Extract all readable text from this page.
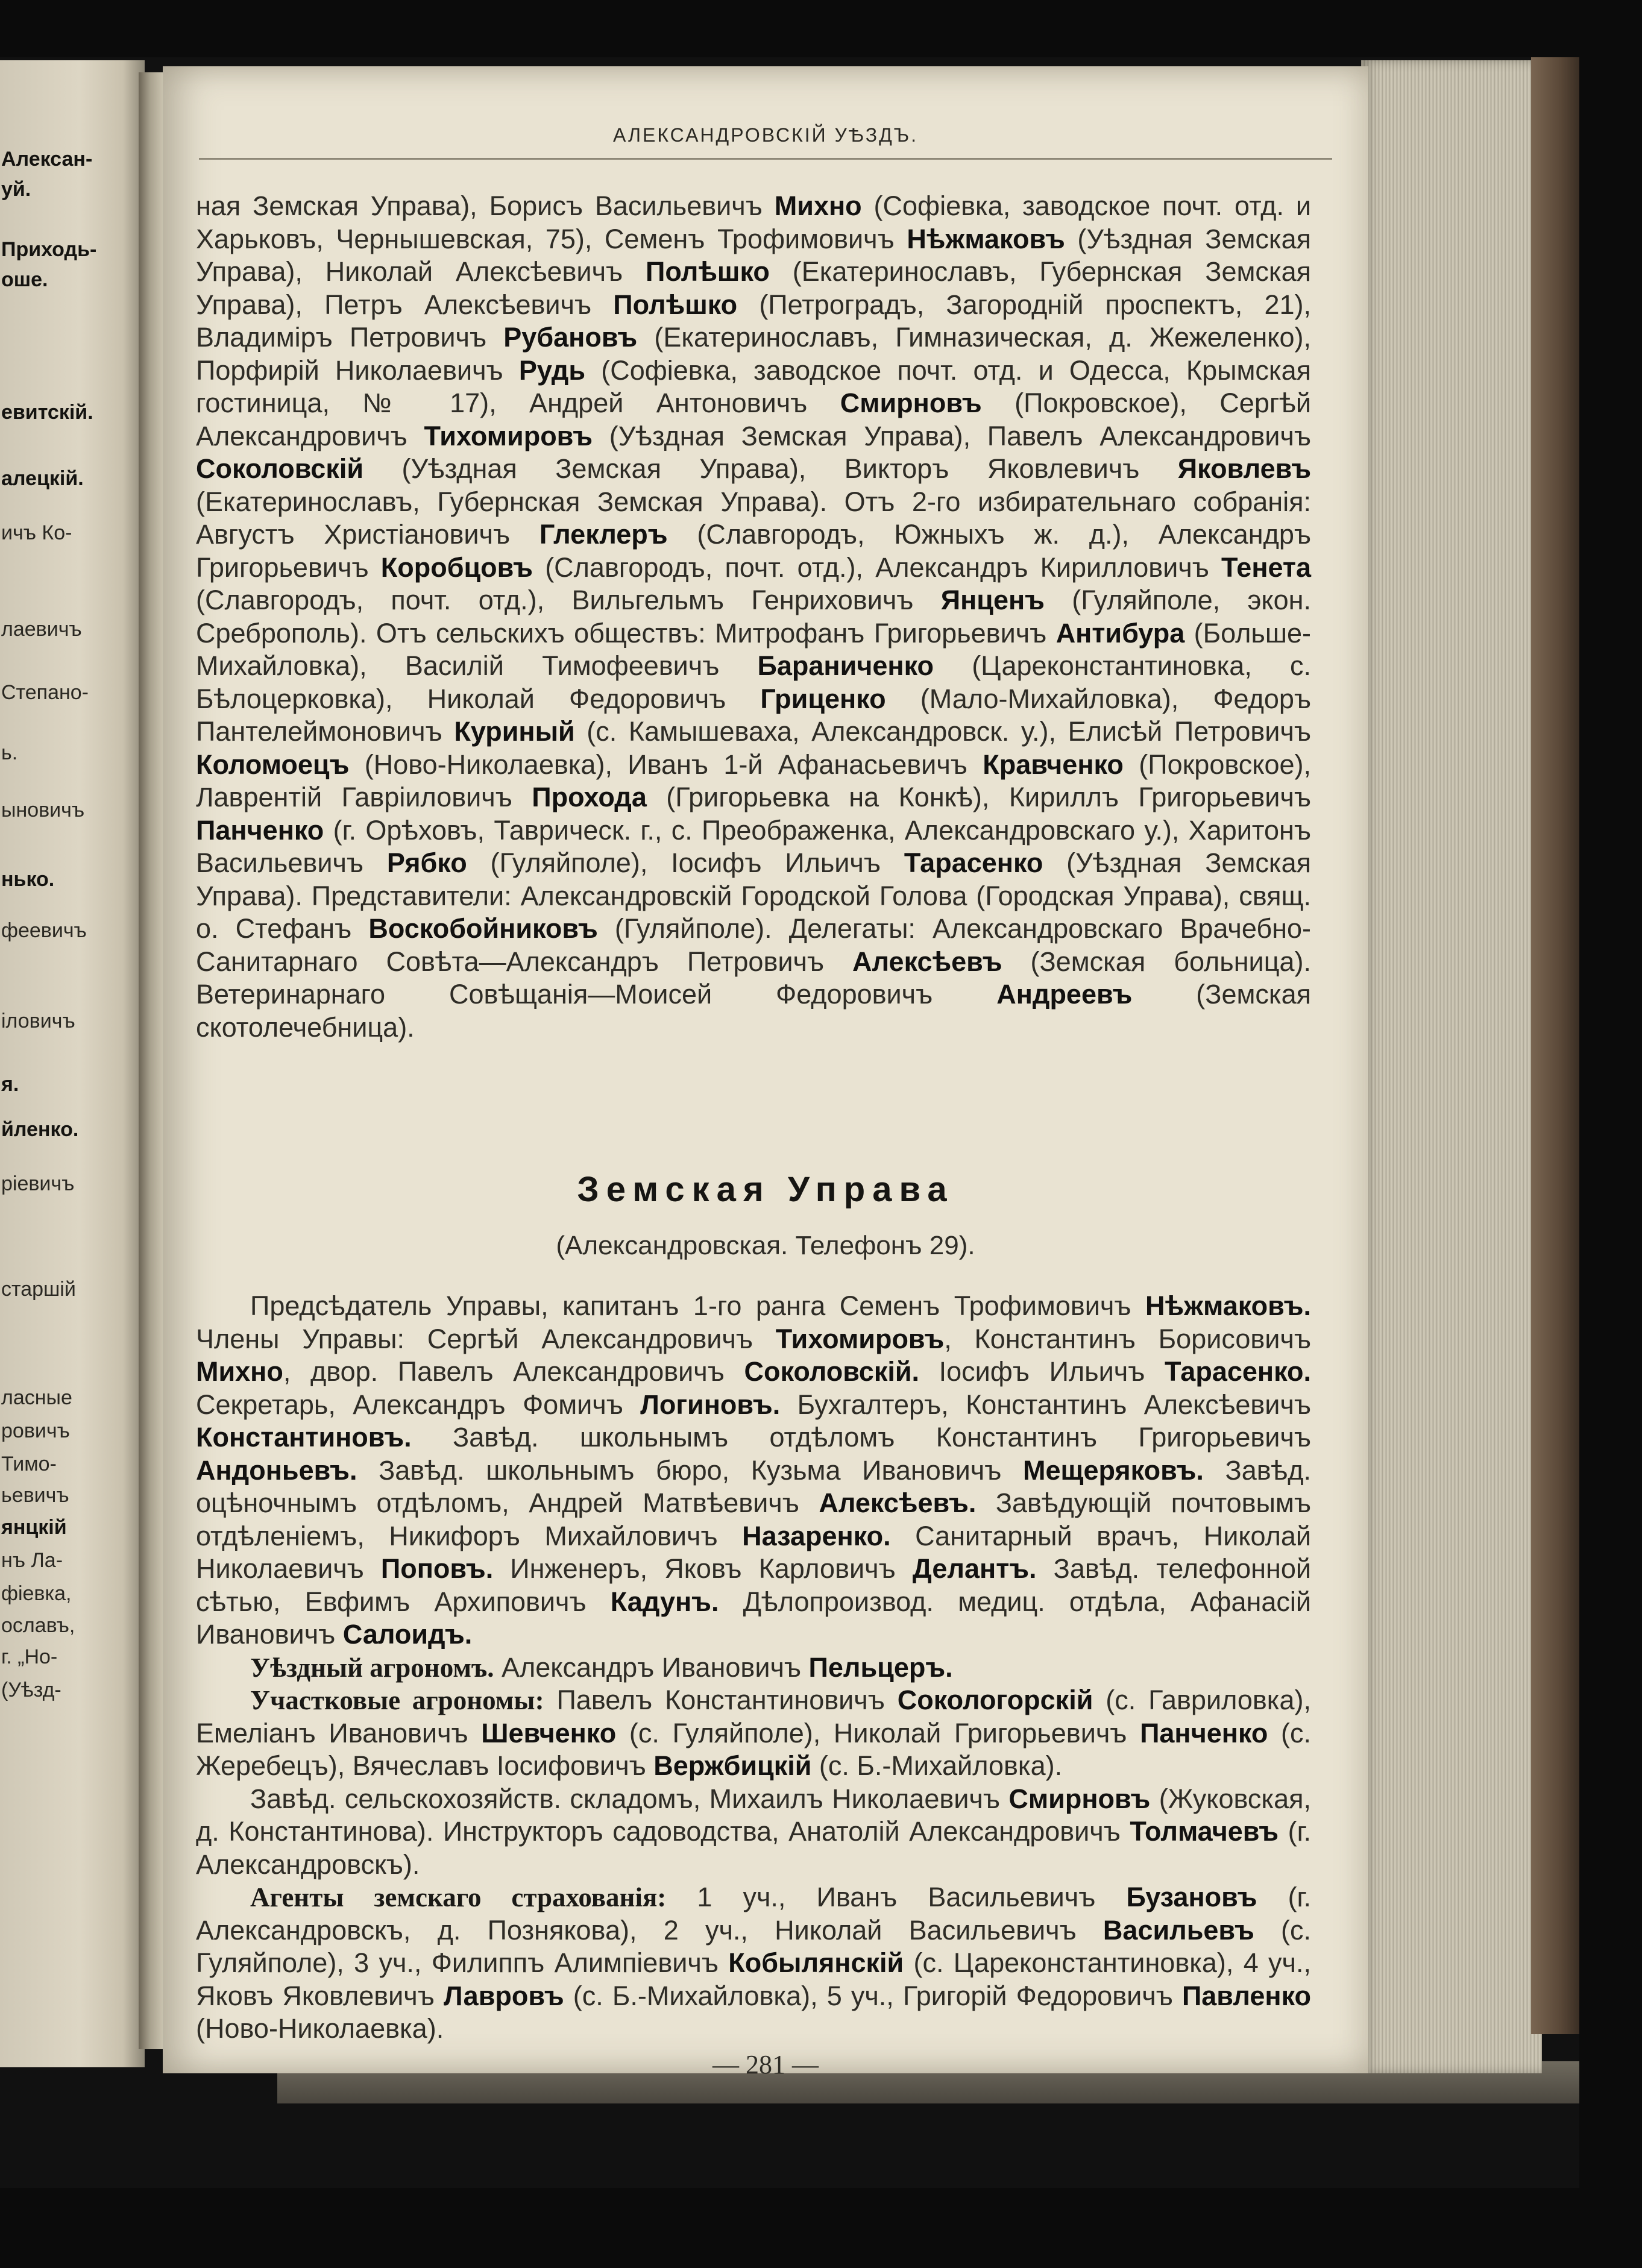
Алексан-
уй.
Приходь-
оше.
евитскій.
алецкій.
ичъ Ко-
лаевичъ
Степано-
ь.
ыновичъ
нько.
феевичъ
іловичъ
я.
йленко.
ріевичъ
старшій
ласные
ровичъ
Тимо-
ьевичъ
янцкій
нъ Ла-
фіевка,
ославъ,
г. „Но-
(Уѣзд-
АЛЕКСАНДРОВСКІЙ УѢЗДЪ.

ная Земская Управа), Борисъ Васильевичъ Михно (Софіевка, заводское почт. отд. и Харьковъ, Чернышевская, 75), Семенъ Трофимовичъ Нѣжмаковъ (Уѣздная Земская Управа), Николай Алексѣевичъ Полѣшко (Екатеринославъ, Губернская Земская Управа), Петръ Алексѣевичъ Полѣшко (Петроградъ, Загородній проспектъ, 21), Владиміръ Петровичъ Рубановъ (Екатеринославъ, Гимназическая, д. Жежеленко), Порфирій Николаевичъ Рудь (Софіевка, заводское почт. отд. и Одесса, Крымская гостиница, № 17), Андрей Антоновичъ Смирновъ (Покровское), Сергѣй Александровичъ Тихомировъ (Уѣздная Земская Управа), Павелъ Александровичъ Соколовскій (Уѣздная Земская Управа), Викторъ Яковлевичъ Яковлевъ (Екатеринославъ, Губернская Земская Управа). Отъ 2-го избирательнаго собранія: Августъ Христіановичъ Глеклеръ (Славгородъ, Южныхъ ж. д.), Александръ Григорьевичъ Коробцовъ (Славгородъ, почт. отд.), Александръ Кирилловичъ Тенета (Славгородъ, почт. отд.), Вильгельмъ Генриховичъ Янценъ (Гуляйполе, экон. Среброполь). Отъ сельскихъ обществъ: Митрофанъ Григорьевичъ Антибура (Больше-Михайловка), Василій Тимофеевичъ Бараниченко (Цареконстантиновка, с. Бѣлоцерковка), Николай Федоровичъ Гриценко (Мало-Михайловка), Федоръ Пантелеймоновичъ Куриный (с. Камышеваха, Александровск. у.), Елисѣй Петровичъ Коломоецъ (Ново-Николаевка), Иванъ 1-й Афанасьевичъ Кравченко (Покровское), Лаврентій Гавріиловичъ Прохода (Григорьевка на Конкѣ), Кириллъ Григорьевичъ Панченко (г. Орѣховъ, Таврическ. г., с. Преображенка, Александровскаго у.), Харитонъ Васильевичъ Рябко (Гуляйполе), Іосифъ Ильичъ Тарасенко (Уѣздная Земская Управа). Представители: Александровскій Городской Голова (Городская Управа), свящ. о. Стефанъ Воскобойниковъ (Гуляйполе). Делегаты: Александровскаго Врачебно-Санитарнаго Совѣта—Александръ Петровичъ Алексѣевъ (Земская больница). Ветеринарнаго Совѣщанія—Моисей Федоровичъ Андреевъ (Земская скотолечебница).

Земская Управа
(Александровская. Телефонъ 29).

Предсѣдатель Управы, капитанъ 1-го ранга Семенъ Трофимовичъ Нѣжмаковъ. Члены Управы: Сергѣй Александровичъ Тихомировъ, Константинъ Борисовичъ Михно, двор. Павелъ Александровичъ Соколовскій. Іосифъ Ильичъ Тарасенко. Секретарь, Александръ Фомичъ Логиновъ. Бухгалтеръ, Константинъ Алексѣевичъ Константиновъ. Завѣд. школьнымъ отдѣломъ Константинъ Григорьевичъ Андоньевъ. Завѣд. школьнымъ бюро, Кузьма Ивановичъ Мещеряковъ. Завѣд. оцѣночнымъ отдѣломъ, Андрей Матвѣевичъ Алексѣевъ. Завѣдующій почтовымъ отдѣленіемъ, Никифоръ Михайловичъ Назаренко. Санитарный врачъ, Николай Николаевичъ Поповъ. Инженеръ, Яковъ Карловичъ Делантъ. Завѣд. телефонной сѣтью, Евфимъ Архиповичъ Кадунъ. Дѣлопроизвод. медиц. отдѣла, Афанасій Ивановичъ Салоидъ.

Уѣздный агрономъ. Александръ Ивановичъ Пельцеръ.

Участковые агрономы: Павелъ Константиновичъ Сокологорскій (с. Гавриловка), Емеліанъ Ивановичъ Шевченко (с. Гуляйполе), Николай Григорьевичъ Панченко (с. Жеребецъ), Вячеславъ Іосифовичъ Вержбицкій (с. Б.-Михайловка).

Завѣд. сельскохозяйств. складомъ, Михаилъ Николаевичъ Смирновъ (Жуковская, д. Константинова). Инструкторъ садоводства, Анатолій Александровичъ Толмачевъ (г. Александровскъ).

Агенты земскаго страхованія: 1 уч., Иванъ Васильевичъ Бузановъ (г. Александровскъ, д. Познякова), 2 уч., Николай Васильевичъ Васильевъ (с. Гуляйполе), 3 уч., Филиппъ Алимпіевичъ Кобылянскій (с. Царeконстантиновка), 4 уч., Яковъ Яковлевичъ Лавровъ (с. Б.-Михайловка), 5 уч., Григорій Федоровичъ Павленко (Ново-Николаевка).

— 281 —
